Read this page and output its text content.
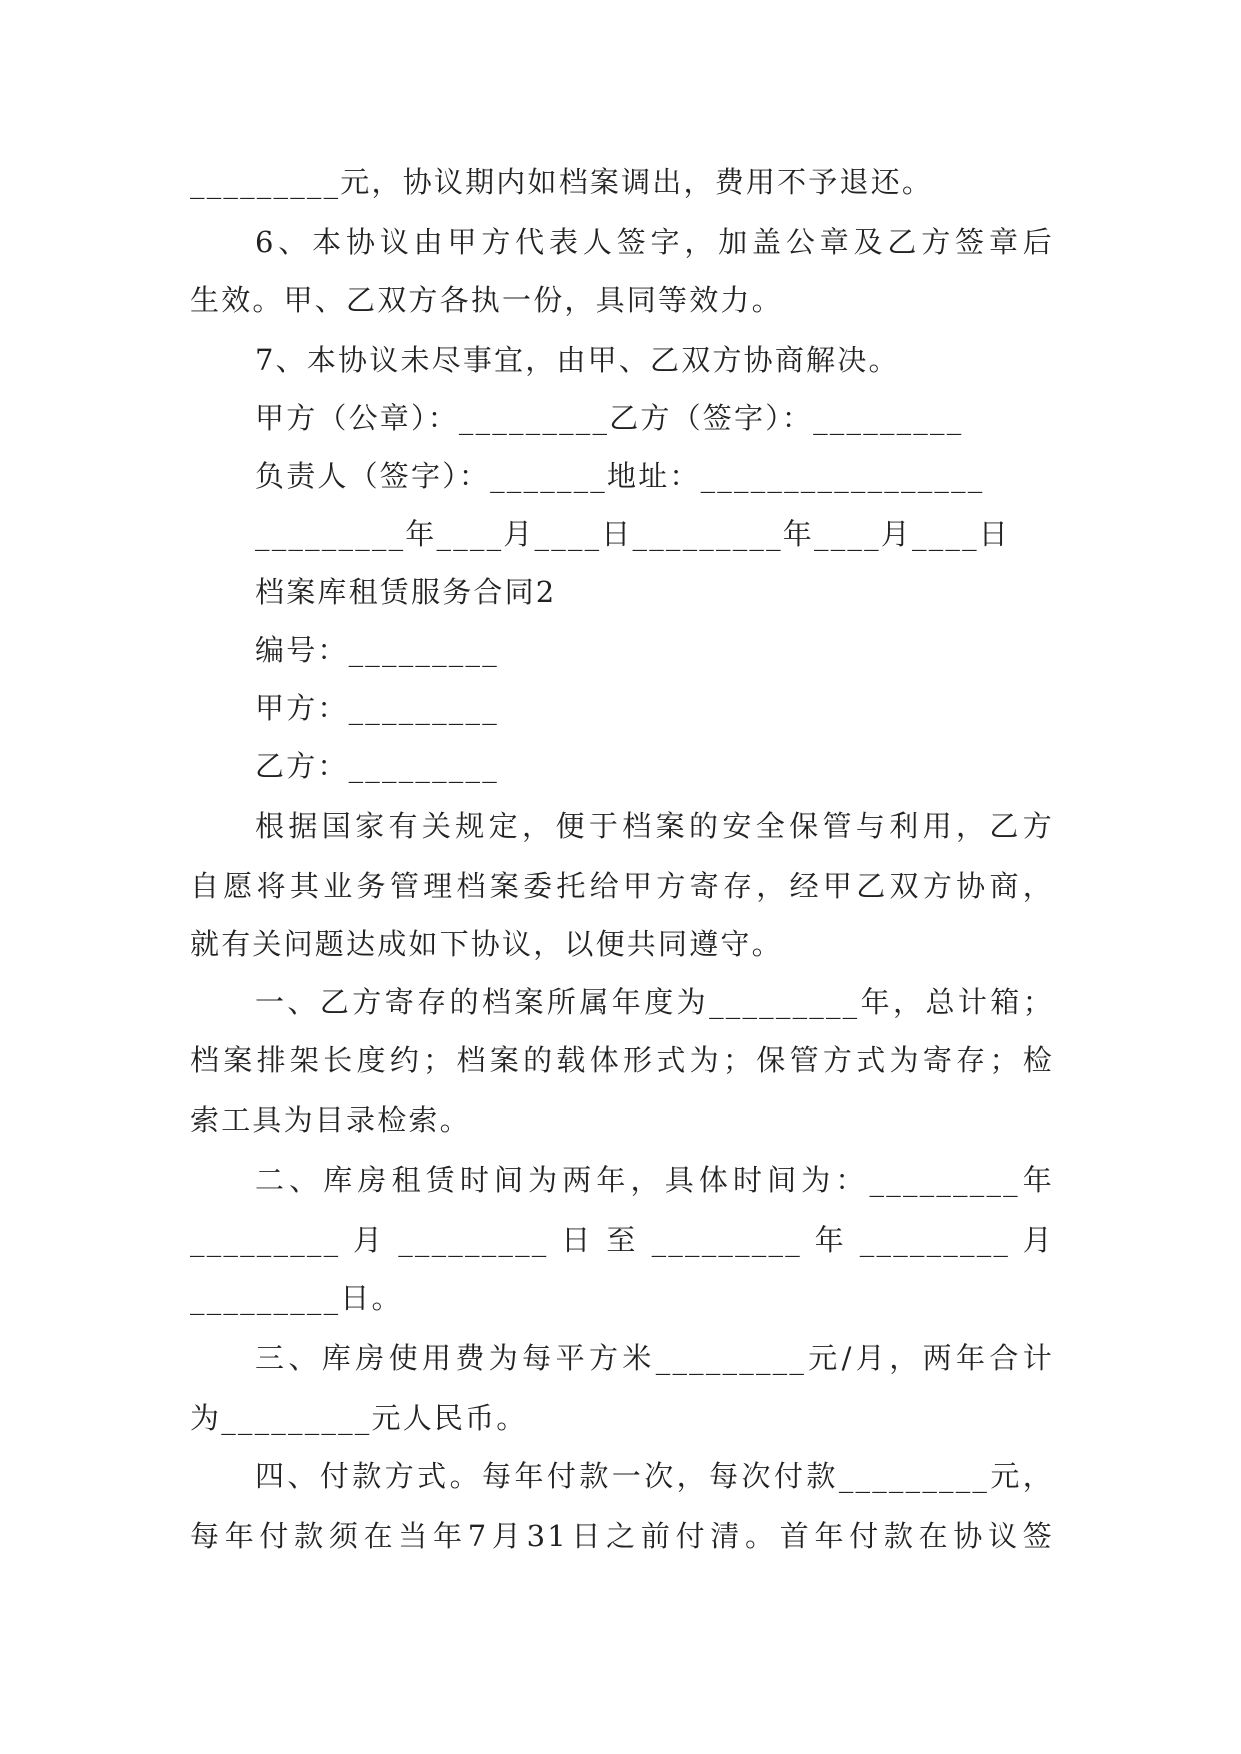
_________元，协议期内如档案调出，费用不予退还。
6、本协议由甲方代表人签字，加盖公章及乙方签章后
生效。甲、乙双方各执一份，具同等效力。
7、本协议未尽事宜，由甲、乙双方协商解决。
甲方（公章）：_________乙方（签字）：_________
负责人（签字）：_______地址：_________________
_________年____月____日_________年____月____日
档案库租赁服务合同2
编号：_________
甲方：_________
乙方：_________
根据国家有关规定，便于档案的安全保管与利用，乙方
自愿将其业务管理档案委托给甲方寄存，经甲乙双方协商，
就有关问题达成如下协议，以便共同遵守。
一、乙方寄存的档案所属年度为_________年，总计箱；
档案排架长度约；档案的载体形式为；保管方式为寄存；检
索工具为目录检索。
二、库房租赁时间为两年，具体时间为：_________年
_________ 月 _________ 日 至 _________ 年 _________ 月
_________日。
三、库房使用费为每平方米_________元/月，两年合计
为_________元人民币。
四、付款方式。每年付款一次，每次付款_________元，
每年付款须在当年7月31日之前付清。首年付款在协议签
